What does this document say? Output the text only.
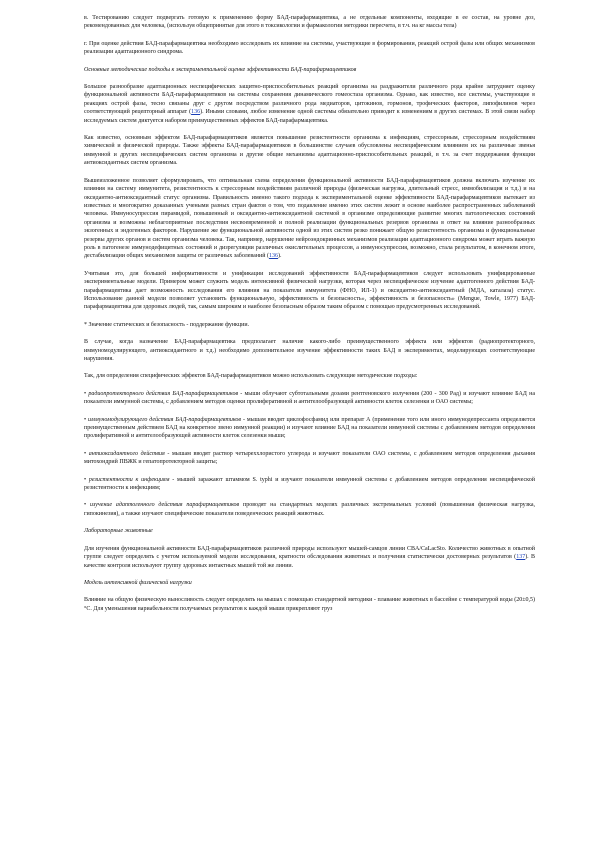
в. Тестированию следует подвергать готовую к применению форму БАД-парафармацевтика, а не отдельные компоненты, входящие в ее состав, на уровне доз, рекомендованных для человека, (используя общепринятые для этого в токсикологии и фармакологии методики пересчета, в т.ч. на кг массы тела)

г. При оценке действия БАД-парафармацевтика необходимо исследовать их влияние на системы, участвующие в формировании, реакций острой фазы или общих механизмов реализации адаптационного синдрома.

Основные методические подходы к экспериментальной оценке эффективности БАД-парафармацевтиков

Большое разнообразие адаптационных неспецифических защитно-приспособительных реакций организма на раздражители различного рода крайне затрудняет оценку функциональной активности БАД-парафармацевтиков на системы сохранения динамического гомеостаза организма. Однако, как известно, все системы, участвующие в реакциях острой фазы, тесно связаны друг с другом посредством различного рода медиаторов, цитокинов, гормонов, трофических факторов, липофилинов через соответствующий рецепторный аппарат (136). Иными словами, любое изменение одной системы обязательно приводит к изменениям в других системах. В этой связи набор исследуемых систем диктуется набором преимущественных эффектов БАД-парафармацевтика.

Как известно, основным эффектом БАД-парафармацевтиков является повышение резистентности организма к инфекциям, стрессорным, стрессорным воздействиям химической и физической природы. Также эффекты БАД-парафармацевтиков в большинстве случаев обусловлены неспецифическим влиянием их на различные звенья иммунной и других неспецифических систем организма и другие общие механизмы адаптационно-приспособительных реакций, в т.ч. за счет поддержания функции антиоксидантных систем организма.

Вышеизложенное позволяет сформулировать, что оптимальная схема определения функциональной активности БАД-парафармацевтиков должна включать изучение их влияния на систему иммунитета, резистентность к стрессорным воздействиям различной природы (физическая нагрузка, длительный стресс, иммобилизация и т.д.) и на оксидантно-антиоксидантный статус организма. Правильность именно такого подхода к экспериментальной оценке эффективности БАД-парафармацевтиков вытекает из известных и многократно доказанных учеными разных стран фактов о том, что подавление именно этих систем лежит в основе наиболее распространенных заболеваний человека. Иммуносупрессия пирамидой, повышенный и оксидантно-антиоксидантной системой в организме определяющие развитие многих патологических состояний организма и возможны неблагоприятные последствия несвоевременной и полной реализации функциональных резервов организма в ответ на влияние разнообразных экзогенных и эндогенных факторов. Нарушение же функциональной активности одной из этих систем резко понижает общую резистентность организма и функциональные резервы других органов и систем организма человека. Так, например, нарушение нейроэндокринных механизмов реализации адаптационного синдрома может играть важную роль в патогенезе иммунодефицитных состояний и дизрегуляции различных окислительных процессов, а иммуносупрессия, возможно, стала результатом, в конечном итоге, дестабилизации общих механизмов защиты от различных заболеваний (136).

Учитывая это, для большей информативности и унификации исследований эффективности БАД-парафармацевтиков следует использовать унифицированные экспериментальные модели. Примером может служить модель интенсивной физической нагрузки, которая через неспецифическое изучение адаптогенного действия БАД-парафармацевтика дает возможность исследования его влияния на показатели иммунитета (ФНО, ИЛ-1) и оксидантно-антиоксидантный (МДА, каталаза) статус. Использование данной модели позволяет установить функциональную, эффективность и безопасность», эффективность и безопасность» (Mengue, Towle, 1977) БАД-парафармацевтика для здоровых людей, так, самым широким и наиболее безопасным образом таким образом с помощью предусмотренных исследований.

* Значение статических и безопасность - поддержание функции.

В случае, когда назначение БАД-парафармацевтика предполагает наличие какого-либо преимущественного эффекта или эффектов (радиопротекторного, иммуномодулирующего, антиоксидантного и т.д.) необходимо дополнительное изучение эффективности таких БАД в экспериментах, моделирующих соответствующие нарушения.

Так, для определения специфических эффектов БАД-парафармацевтиков можно использовать следующие методические подходы:

• радиопротекторного действия БАД-парафармацевтиков - мыши облучают субтотальными дозами рентгеновского излучения (200 - 300 Рад) и изучают влияние БАД на показатели иммунной системы, с добавлением методов оценки пролиферативной и антителообразующей активности клеток селезенки и ОАО системы;
• иммуномодулирующего действия БАД-парафармацевтиков - мышам вводят циклофосфамид или препарат А (применение того или иного иммунодепрессанта определяется преимущественным действием БАД на конкретное звено иммунной реакции) и изучают влияние БАД на показатели иммунной системы с добавлением методов определения пролиферативной и антителообразующей активности клеток селезенки мыши;
• антиоксидантного действия - мышам вводят раствор четыреххлористого углерода и изучают показатели ОАО системы, с добавлением методов определения дыхания митохондрий ПВЖК и гепатопротекторной защиты;
• резистентности к инфекциям - мышей заражают штаммом S. typhi и изучают показатели иммунной системы с добавлением методов определения неспецифической резистентности к инфекциям;
• изучение адаптогенного действия парафармацевтиков проводят на стандартных моделях различных экстремальных условий (повышенная физическая нагрузка, гипокинезия), а также изучают специфические показатели поведенческих реакций животных.
Лабораторные животные

Для изучения функциональной активности БАД-парафармацевтиков различной природы используют мышей-самцов линии CBA/CaLacSto. Количество животных в опытной группе следует определять с учетом используемой модели исследования, кратности обследования животных и получения статистически достоверных результатов (137). В качестве контроля используют группу здоровых интактных мышей той же линии.

Модель интенсивной физической нагрузки

Влияние на общую физическую выносливость следует определять на мышах с помощью стандартной методики - плавание животных в бассейне с температурой воды (20±0,5) °С. Для уменьшения вариабельности получаемых результатов к каждой мыши прикрепляют груз
